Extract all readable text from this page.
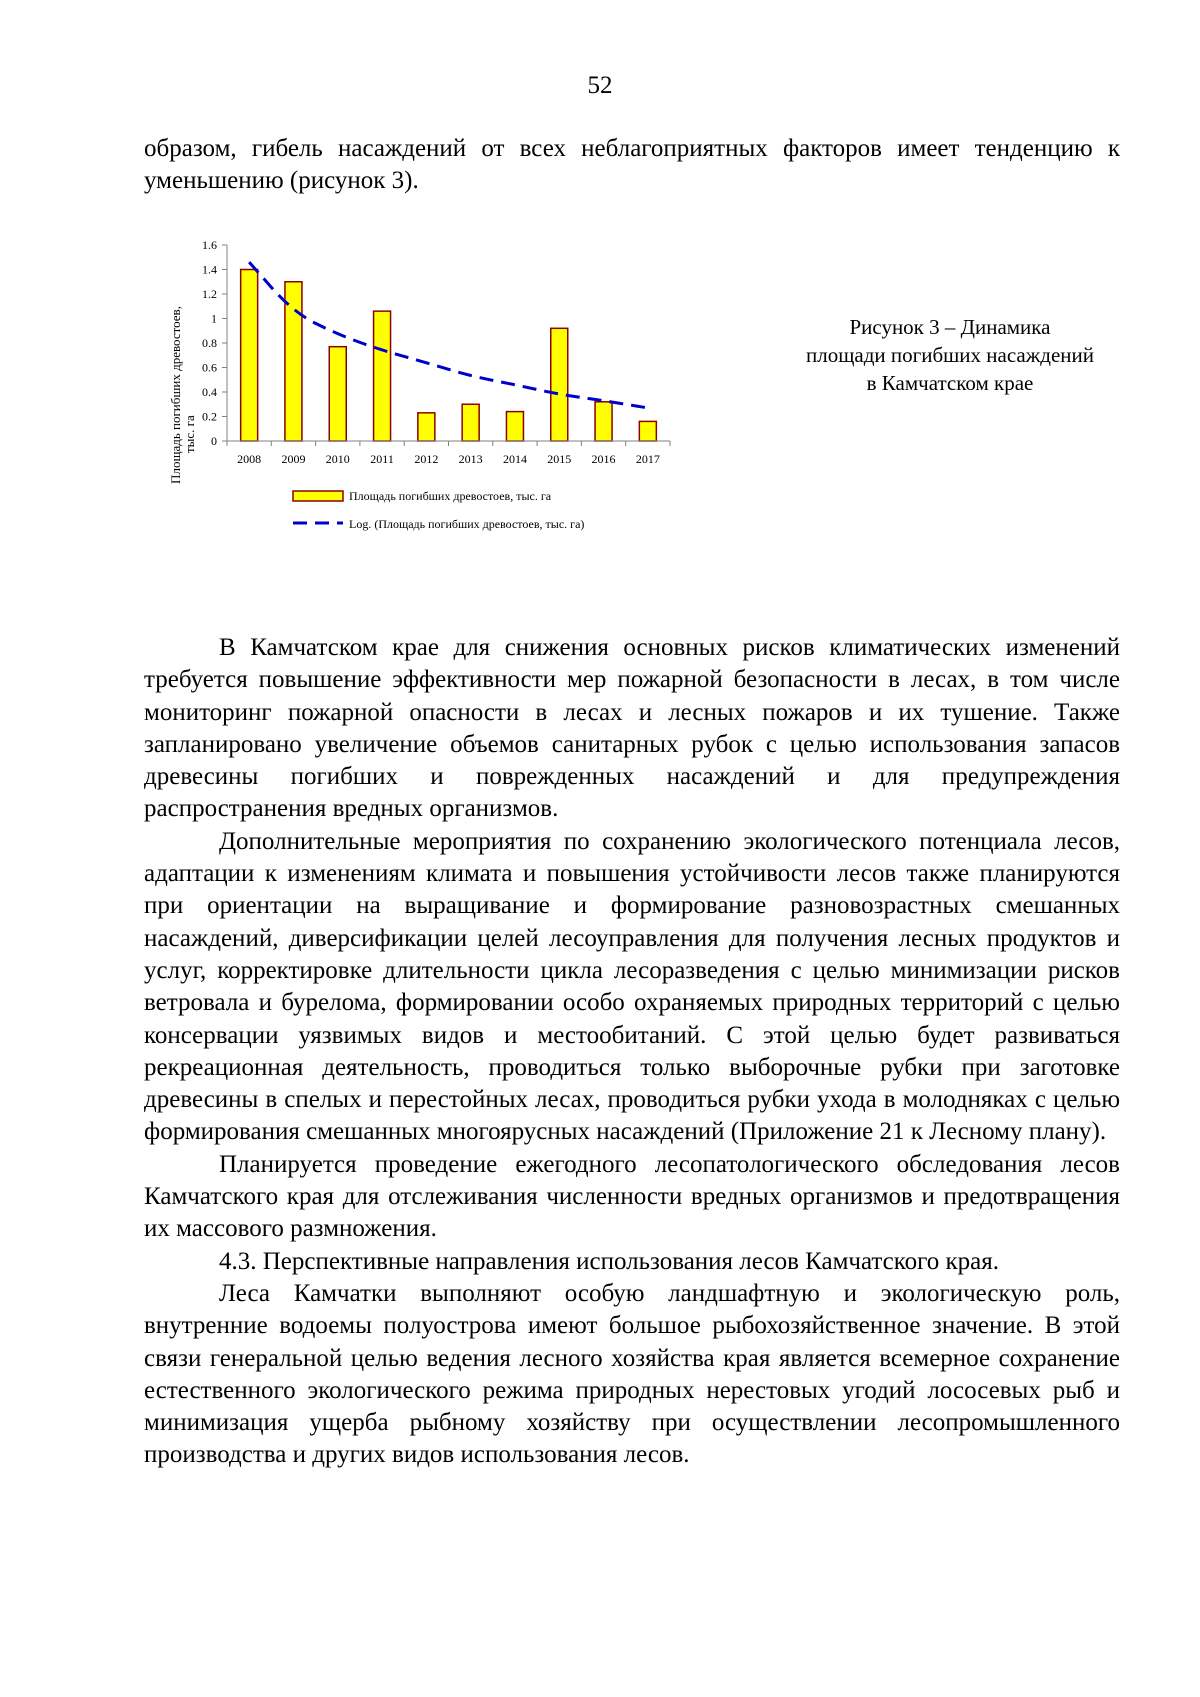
52

образом, гибель насаждений от всех неблагоприятных факторов имеет тенденцию к уменьшению (рисунок 3).

Площадь погибших древостоев, тыс. га 0
0.2
0.4
0.6
0.8
1
1.2
1.4
1.6
2008 2009 2010 2011 2012 2013 2014 2015 2016 2017
Площадь погибших древостоев, тыс. га
Log. (Площадь погибших древостоев, тыс. га)
Рисунок 3 – Динамика
площади погибших насаждений
в Камчатском крае

В Камчатском крае для снижения основных рисков климатических изменений требуется повышение эффективности мер пожарной безопасности в лесах, в том числе мониторинг пожарной опасности в лесах и лесных пожаров и их тушение. Также запланировано увеличение объемов санитарных рубок с целью использования запасов древесины погибших и поврежденных насаждений и для предупреждения распространения вредных организмов.

Дополнительные мероприятия по сохранению экологического потенциала лесов, адаптации к изменениям климата и повышения устойчивости лесов также планируются при ориентации на выращивание и формирование разновозрастных смешанных насаждений, диверсификации целей лесоуправления для получения лесных продуктов и услуг, корректировке длительности цикла лесоразведения с целью минимизации рисков ветровала и бурелома, формировании особо охраняемых природных территорий с целью консервации уязвимых видов и местообитаний. С этой целью будет развиваться рекреационная деятельность, проводиться только выборочные рубки при заготовке древесины в спелых и перестойных лесах, проводиться рубки ухода в молодняках с целью формирования смешанных многоярусных насаждений (Приложение 21 к Лесному плану).

Планируется проведение ежегодного лесопатологического обследования лесов Камчатского края для отслеживания численности вредных организмов и предотвращения их массового размножения.

4.3. Перспективные направления использования лесов Камчатского края.

Леса Камчатки выполняют особую ландшафтную и экологическую роль, внутренние водоемы полуострова имеют большое рыбохозяйственное значение. В этой связи генеральной целью ведения лесного хозяйства края является всемерное сохранение естественного экологического режима природных нерестовых угодий лососевых рыб и минимизация ущерба рыбному хозяйству при осуществлении лесопромышленного производства и других видов использования лесов.
